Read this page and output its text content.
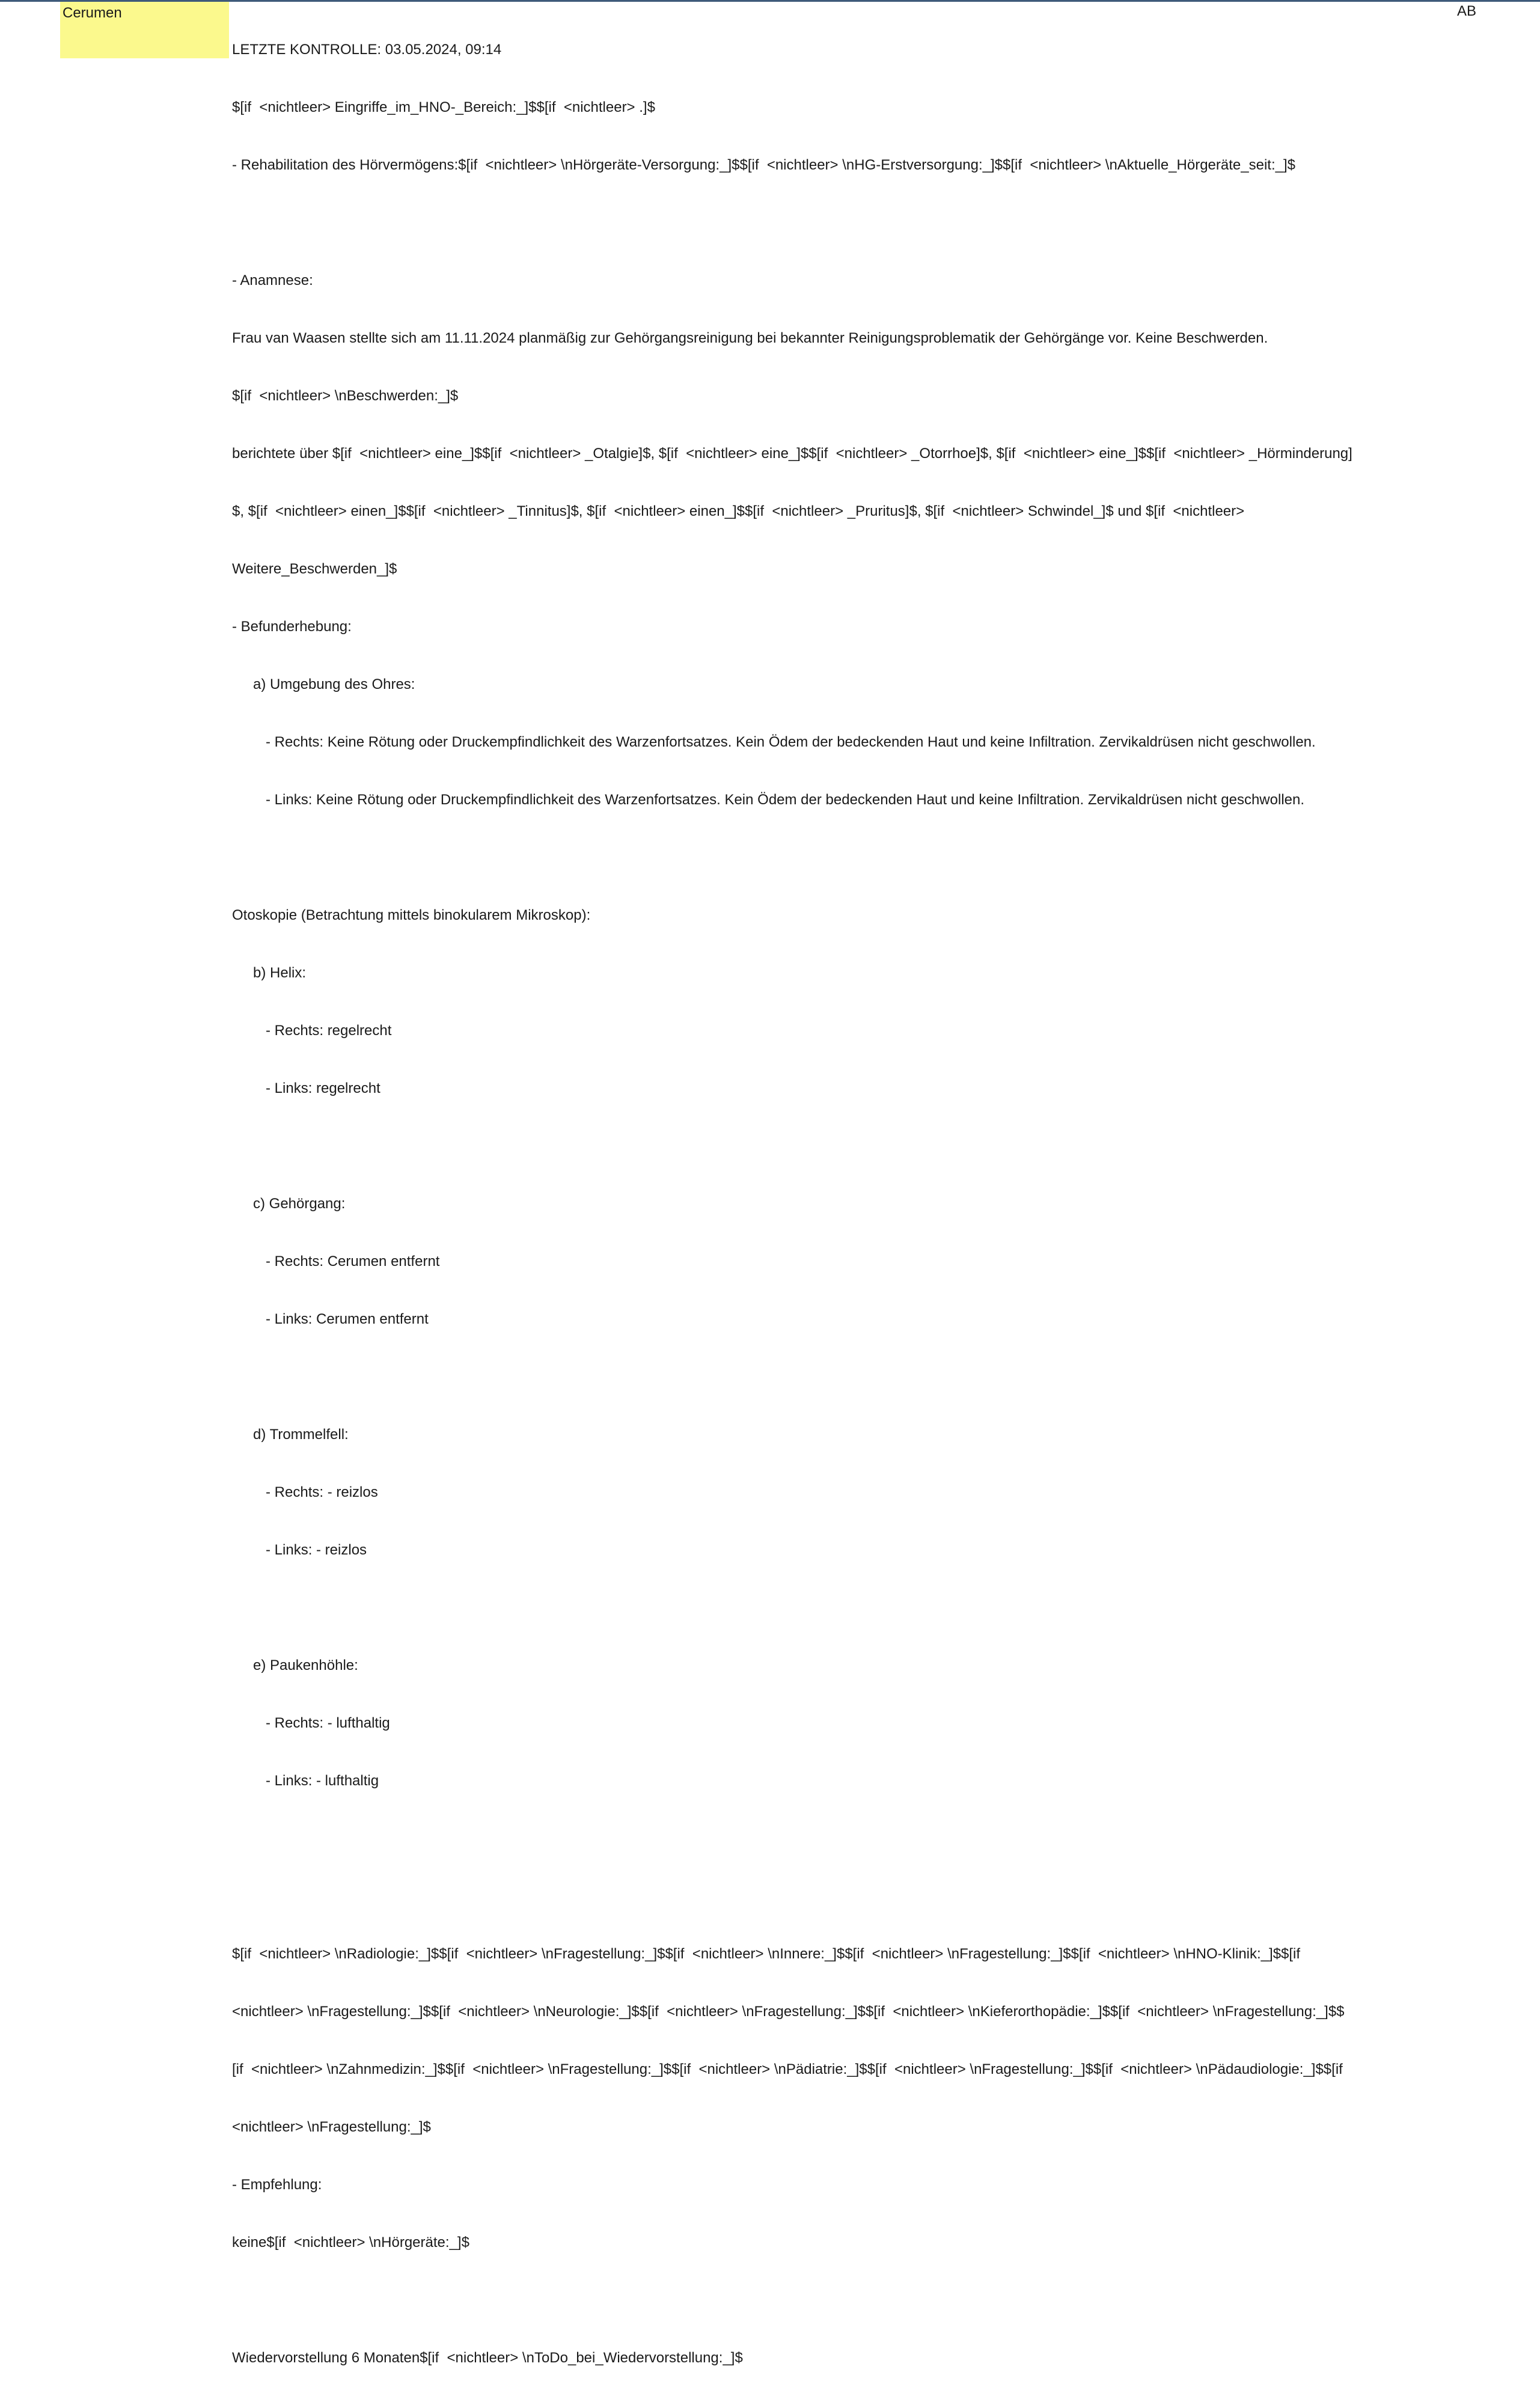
Cerumen	AB

LETZTE KONTROLLE: 03.05.2024, 09:14

$[if  <nichtleer> Eingriffe_im_HNO-_Bereich:_]$$[if  <nichtleer> .]$

- Rehabilitation des Hörvermögens:$[if  <nichtleer> \nHörgeräte-Versorgung:_]$$[if  <nichtleer> \nHG-Erstversorgung:_]$$[if  <nichtleer> \nAktuelle_Hörgeräte_seit:_]$

- Anamnese:

Frau van Waasen stellte sich am 11.11.2024 planmäßig zur Gehörgangsreinigung bei bekannter Reinigungsproblematik der Gehörgänge vor. Keine Beschwerden.

$[if  <nichtleer> \nBeschwerden:_]$

berichtete über $[if  <nichtleer> eine_]$$[if  <nichtleer> _Otalgie]$, $[if  <nichtleer> eine_]$$[if  <nichtleer> _Otorrhoe]$, $[if  <nichtleer> eine_]$$[if  <nichtleer> _Hörminderung]

$, $[if  <nichtleer> einen_]$$[if  <nichtleer> _Tinnitus]$, $[if  <nichtleer> einen_]$$[if  <nichtleer> _Pruritus]$, $[if  <nichtleer> Schwindel_]$ und $[if  <nichtleer>

Weitere_Beschwerden_]$

- Befunderhebung:

a) Umgebung des Ohres:

- Rechts: Keine Rötung oder Druckempfindlichkeit des Warzenfortsatzes. Kein Ödem der bedeckenden Haut und keine Infiltration. Zervikaldrüsen nicht geschwollen.

- Links: Keine Rötung oder Druckempfindlichkeit des Warzenfortsatzes. Kein Ödem der bedeckenden Haut und keine Infiltration. Zervikaldrüsen nicht geschwollen.

Otoskopie (Betrachtung mittels binokularem Mikroskop):

b) Helix:

- Rechts: regelrecht

- Links: regelrecht

c) Gehörgang:

- Rechts: Cerumen entfernt

- Links: Cerumen entfernt

d) Trommelfell:

- Rechts: - reizlos

- Links: - reizlos

e) Paukenhöhle:

- Rechts: - lufthaltig

- Links: - lufthaltig

$[if  <nichtleer> \nRadiologie:_]$$[if  <nichtleer> \nFragestellung:_]$$[if  <nichtleer> \nInnere:_]$$[if  <nichtleer> \nFragestellung:_]$$[if  <nichtleer> \nHNO-Klinik:_]$$[if

<nichtleer> \nFragestellung:_]$$[if  <nichtleer> \nNeurologie:_]$$[if  <nichtleer> \nFragestellung:_]$$[if  <nichtleer> \nKieferorthopädie:_]$$[if  <nichtleer> \nFragestellung:_]$$

[if  <nichtleer> \nZahnmedizin:_]$$[if  <nichtleer> \nFragestellung:_]$$[if  <nichtleer> \nPädiatrie:_]$$[if  <nichtleer> \nFragestellung:_]$$[if  <nichtleer> \nPädaudiologie:_]$$[if

<nichtleer> \nFragestellung:_]$

- Empfehlung:

keine$[if  <nichtleer> \nHörgeräte:_]$

Wiedervorstellung 6 Monaten$[if  <nichtleer> \nToDo_bei_Wiedervorstellung:_]$
